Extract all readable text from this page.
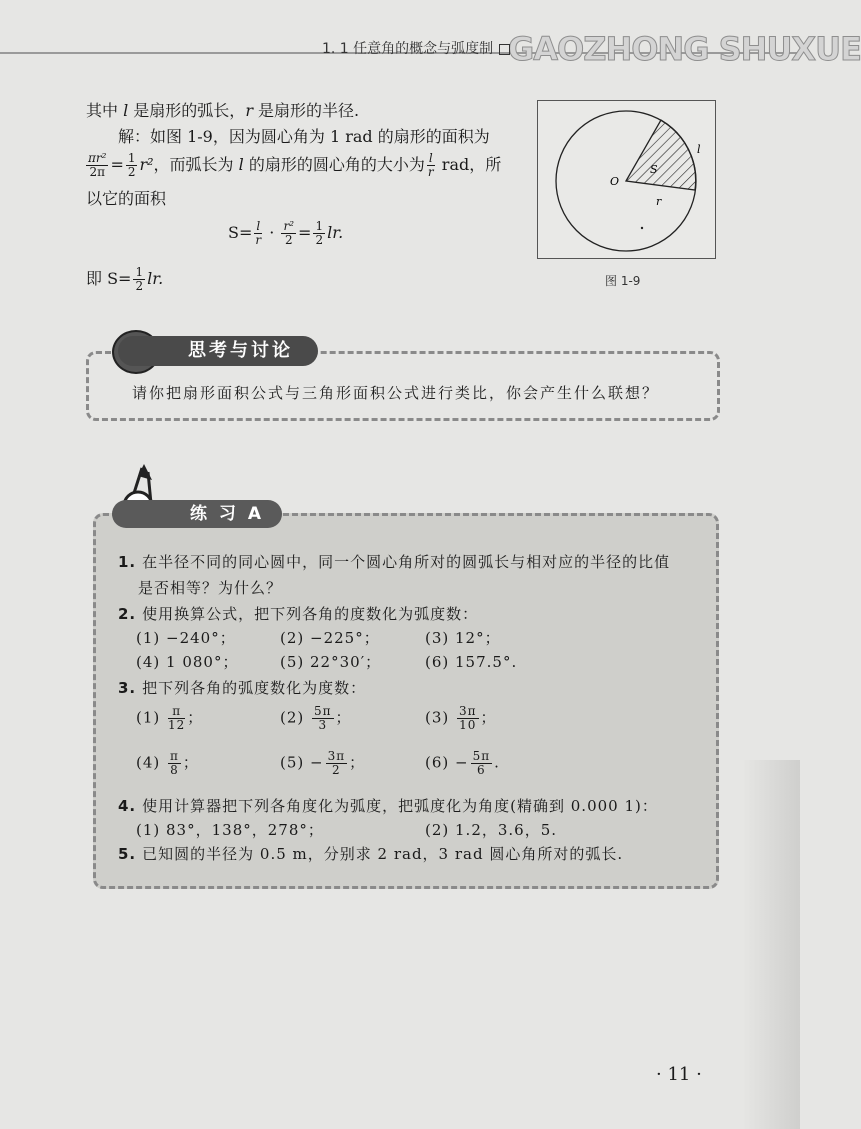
GAOZHONG SHUXUE
1. 1 任意角的概念与弧度制
其中 l 是扇形的弧长，r 是扇形的半径.
解：如图 1-9，因为圆心角为 1 rad 的扇形的面积为
$\frac{\text{πr²}}{2\pi} = \frac{1}{2} r^2$，而弧长为 l 的扇形的圆心角的大小为 $\frac{l}{r}$ rad，所
以它的面积
$S= \frac{l}{r} \cdot \frac{\text{r²}}{2} = \frac{1}{2}$ lr.
即 $S= \frac{1}{2}$ lr.
O
S
l
r
图 1-9
思考与讨论
请你把扇形面积公式与三角形面积公式进行类比，你会产生什么联想？
练 习 A
1. 在半径不同的同心圆中，同一个圆心角所对的圆弧长与相对应的半径的比值
是否相等？为什么？
2. 使用换算公式，把下列各角的度数化为弧度数：
(1) −240°；	(2) −225°；	(3) 12°；
(4) 1 080°；	(5) 22°30′；	(6) 157.5°.
3. 把下列各角的弧度数化为度数：
$(1) \frac{\pi}{12}$ ；	$(2) \frac{5\pi}{3}$ ；	$(3) \frac{3\pi}{10}$ ；
$(4) \frac{\pi}{8}$ ；	$(5) - \frac{3\pi}{2}$ ；	$(6) - \frac{5\pi}{6}$ .
4. 使用计算器把下列各角度化为弧度，把弧度化为角度(精确到 0.000 1)：
(1) 83°，138°，278°；	(2) 1.2，3.6，5.
5. 已知圆的半径为 0.5 m，分别求 2 rad，3 rad 圆心角所对的弧长.
· 11 ·
